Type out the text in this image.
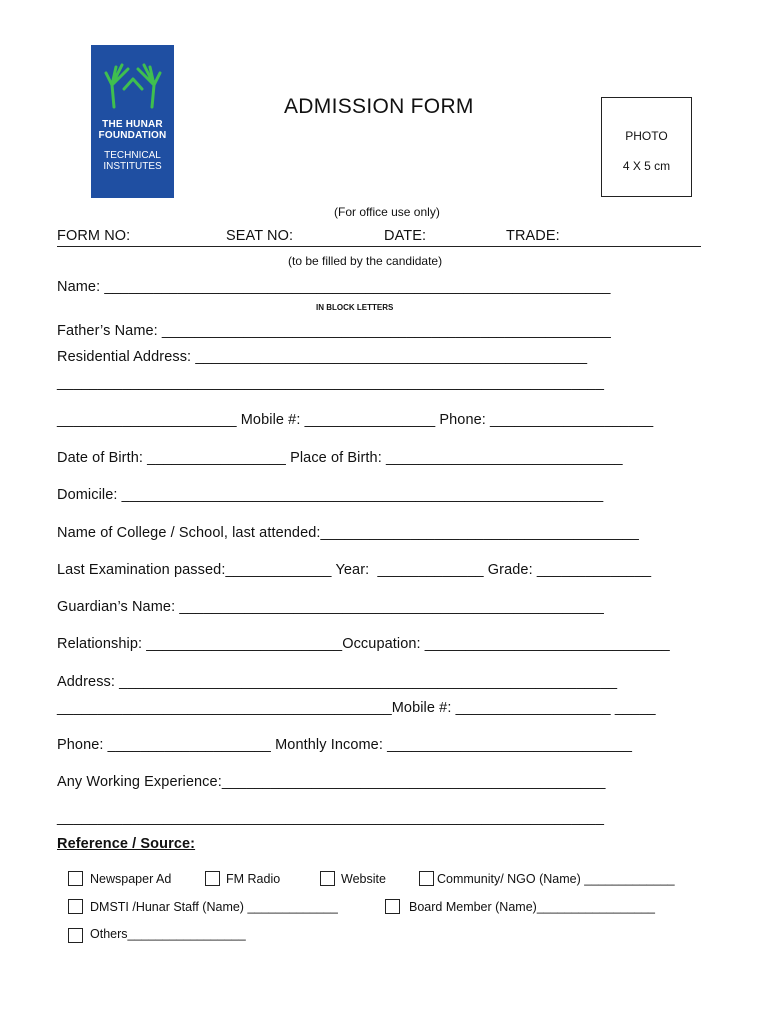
THE HUNAR
FOUNDATION
TECHNICAL
INSTITUTES
ADMISSION FORM
PHOTO
4 X 5 cm
(For office use only)
FORM NO:	SEAT NO:	DATE:	TRADE:
(to be filled by the candidate)
Name: ______________________________________________________________
IN BLOCK LETTERS
Father’s Name: _______________________________________________________
Residential Address: ________________________________________________
___________________________________________________________________
______________________ Mobile #: ________________ Phone: ____________________
Date of Birth: _________________ Place of Birth: _____________________________
Domicile: ___________________________________________________________
Name of College / School, last attended:_______________________________________
Last Examination passed:_____________ Year:  _____________ Grade: ______________
Guardian’s Name: ____________________________________________________
Relationship: ________________________Occupation: ______________________________
Address: _____________________________________________________________
_________________________________________Mobile #: ___________________ _____
Phone: ____________________ Monthly Income: ______________________________
Any Working Experience:_______________________________________________
___________________________________________________________________
Reference / Source:
Newspaper Ad	FM Radio	Website	Community/ NGO (Name) _____________
DMSTI /Hunar Staff (Name) _____________	Board Member (Name)_________________
Others_________________
